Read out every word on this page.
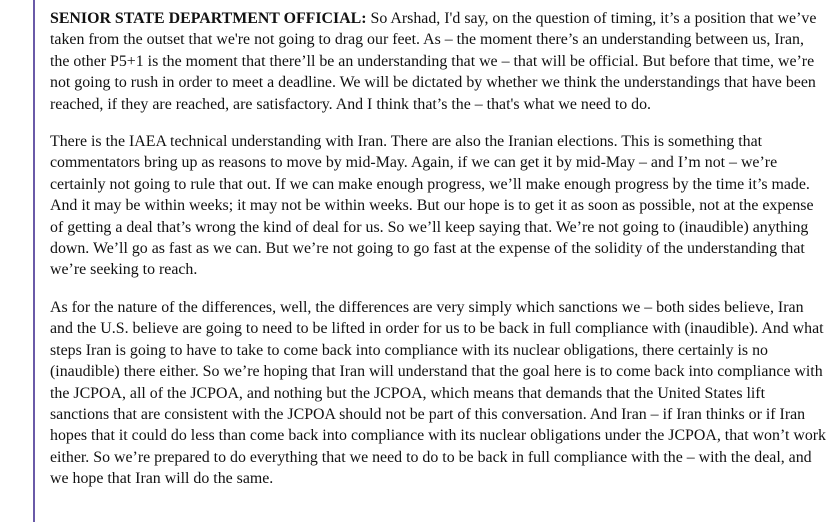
SENIOR STATE DEPARTMENT OFFICIAL: So Arshad, I'd say, on the question of timing, it’s a position that we’ve taken from the outset that we're not going to drag our feet. As – the moment there’s an understanding between us, Iran, the other P5+1 is the moment that there’ll be an understanding that we – that will be official. But before that time, we’re not going to rush in order to meet a deadline. We will be dictated by whether we think the understandings that have been reached, if they are reached, are satisfactory. And I think that’s the – that's what we need to do.

There is the IAEA technical understanding with Iran. There are also the Iranian elections. This is something that commentators bring up as reasons to move by mid-May. Again, if we can get it by mid-May – and I’m not – we’re certainly not going to rule that out. If we can make enough progress, we’ll make enough progress by the time it’s made. And it may be within weeks; it may not be within weeks. But our hope is to get it as soon as possible, not at the expense of getting a deal that’s wrong the kind of deal for us. So we’ll keep saying that. We’re not going to (inaudible) anything down. We’ll go as fast as we can. But we’re not going to go fast at the expense of the solidity of the understanding that we’re seeking to reach.

As for the nature of the differences, well, the differences are very simply which sanctions we – both sides believe, Iran and the U.S. believe are going to need to be lifted in order for us to be back in full compliance with (inaudible). And what steps Iran is going to have to take to come back into compliance with its nuclear obligations, there certainly is no (inaudible) there either. So we’re hoping that Iran will understand that the goal here is to come back into compliance with the JCPOA, all of the JCPOA, and nothing but the JCPOA, which means that demands that the United States lift sanctions that are consistent with the JCPOA should not be part of this conversation. And Iran – if Iran thinks or if Iran hopes that it could do less than come back into compliance with its nuclear obligations under the JCPOA, that won’t work either. So we’re prepared to do everything that we need to do to be back in full compliance with the – with the deal, and we hope that Iran will do the same.
